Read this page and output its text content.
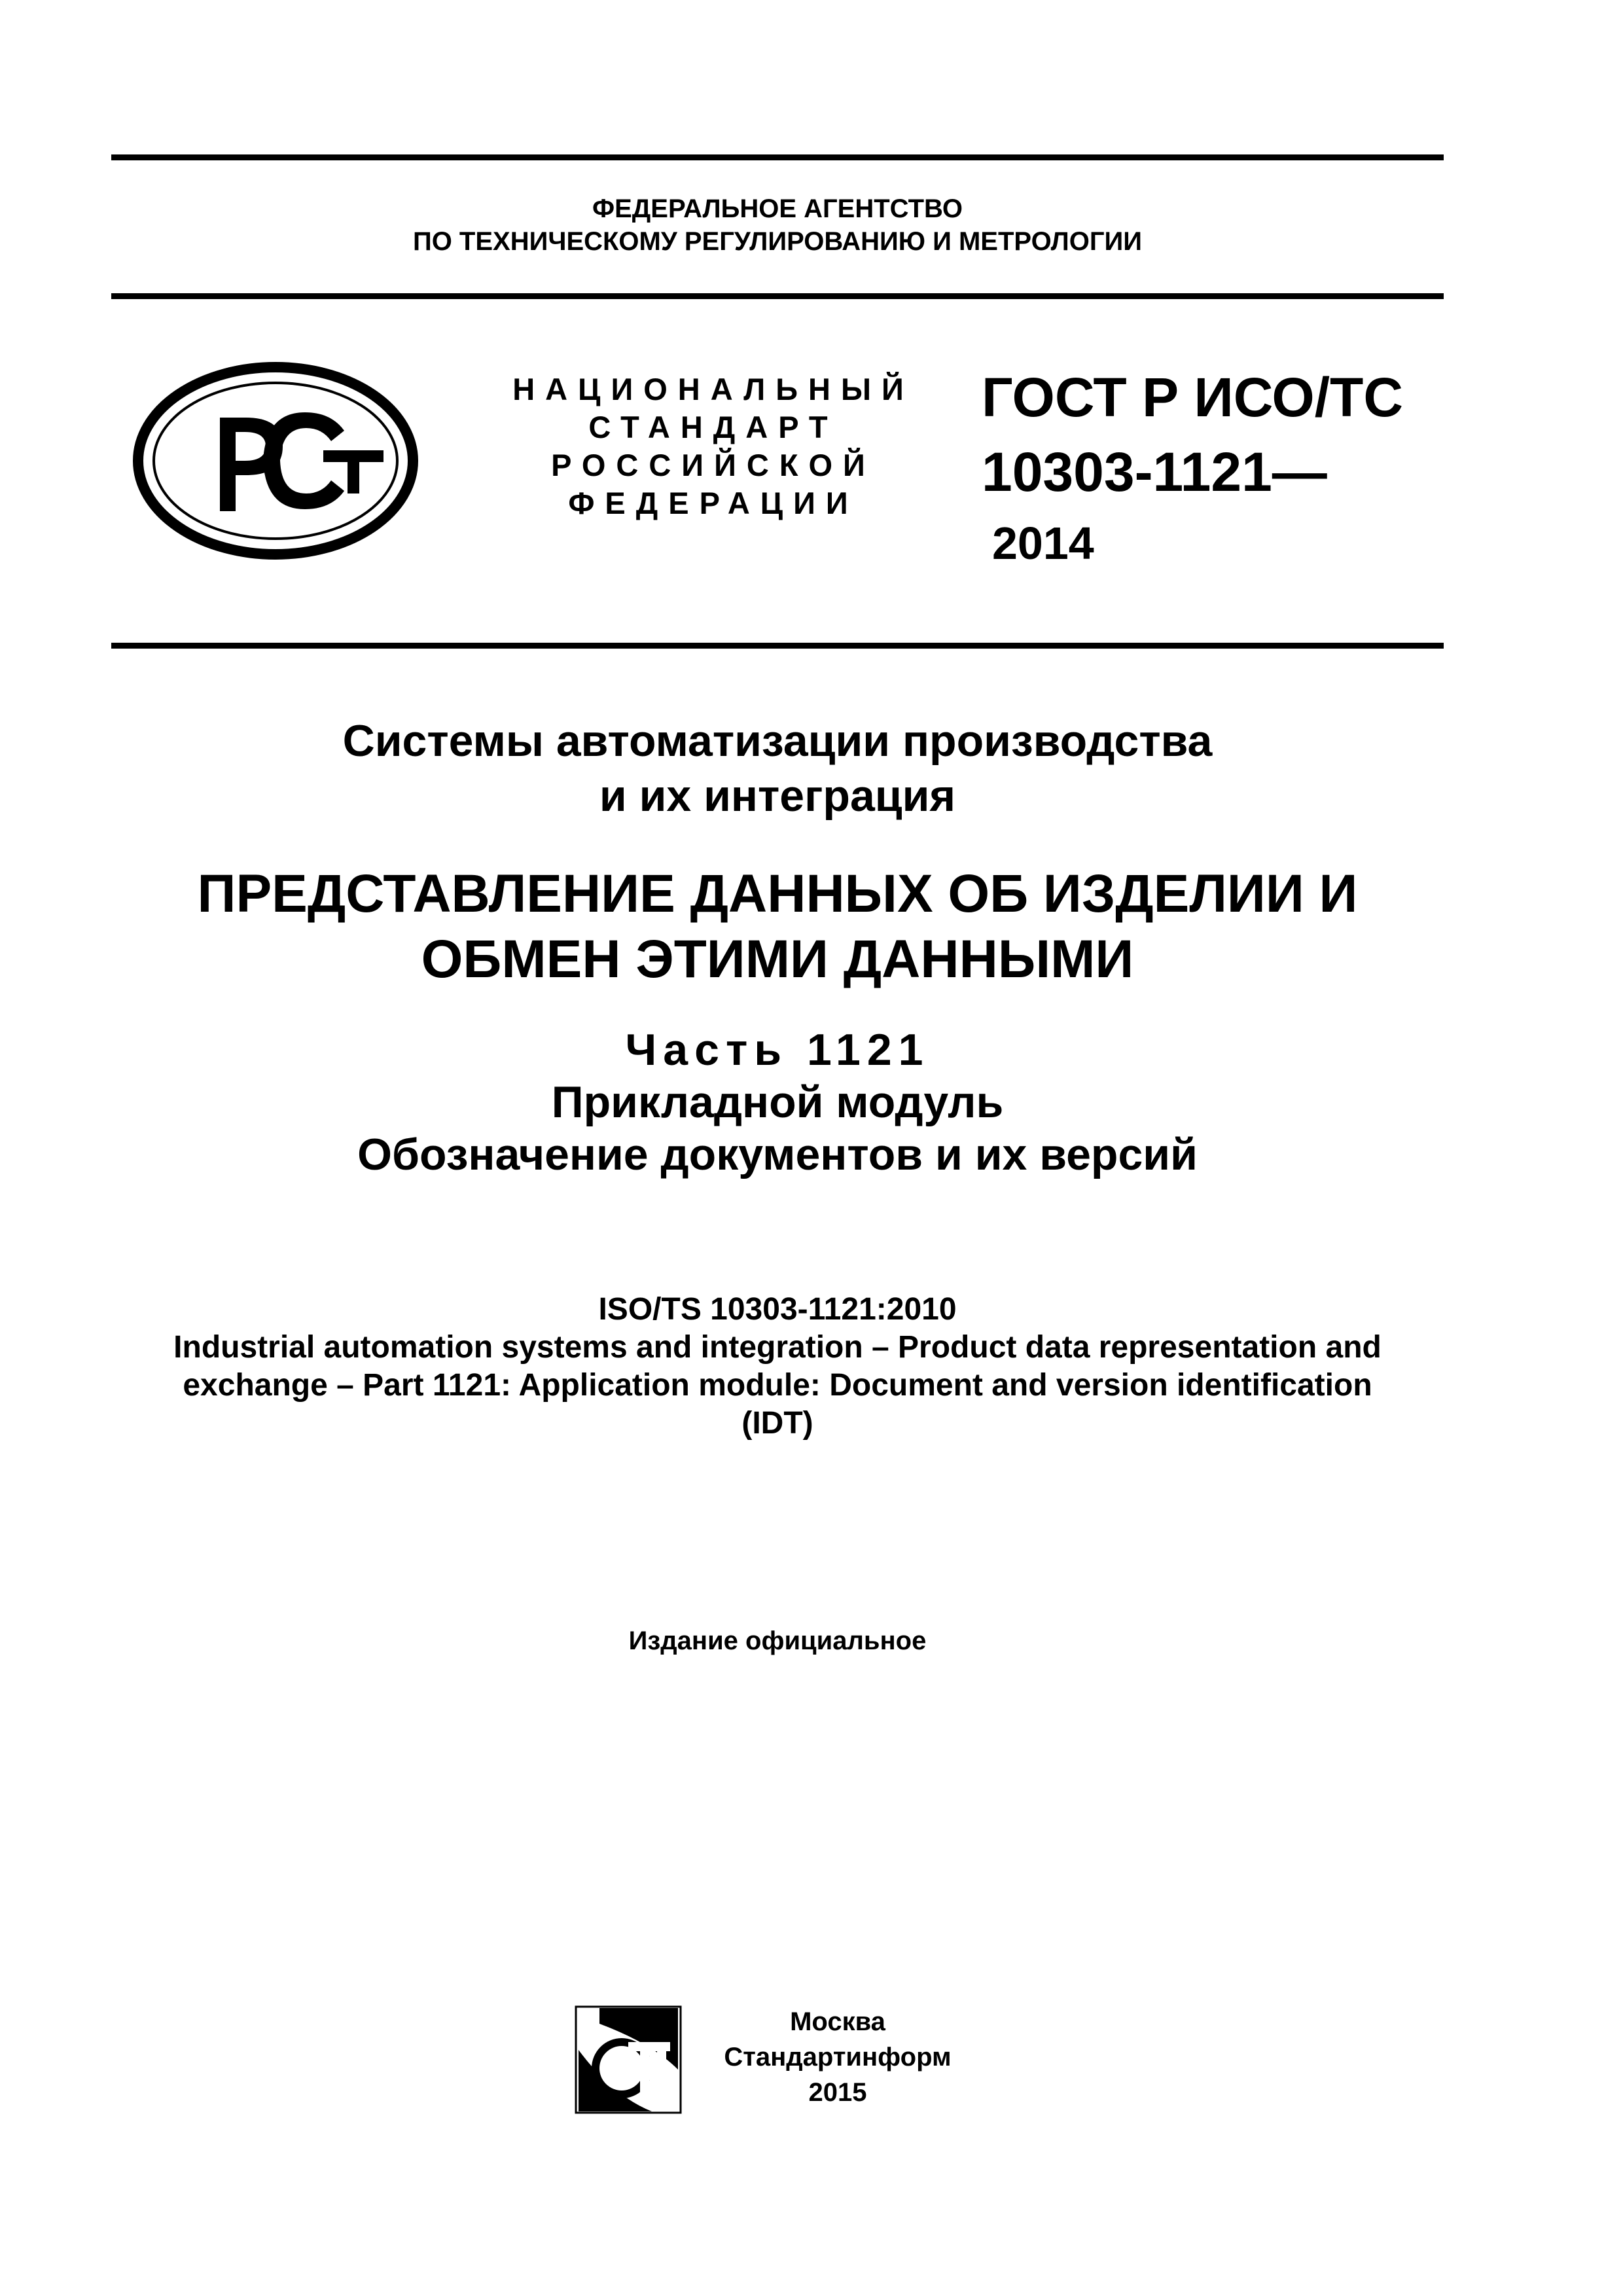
ФЕДЕРАЛЬНОЕ АГЕНТСТВО
ПО ТЕХНИЧЕСКОМУ РЕГУЛИРОВАНИЮ И МЕТРОЛОГИИ
НАЦИОНАЛЬНЫЙ
СТАНДАРТ
РОССИЙСКОЙ
ФЕДЕРАЦИИ
ГОСТ Р ИСО/ТС
10303-1121—
2014
Системы автоматизации производства
и их интеграция
ПРЕДСТАВЛЕНИЕ ДАННЫХ ОБ ИЗДЕЛИИ И
ОБМЕН ЭТИМИ ДАННЫМИ
Часть 1121
Прикладной модуль
Обозначение документов и их версий
ISO/TS 10303-1121:2010
Industrial automation systems and integration – Product data representation and
exchange – Part 1121: Application module: Document and version identification
(IDT)
Издание официальное
Москва
Стандартинформ
2015
